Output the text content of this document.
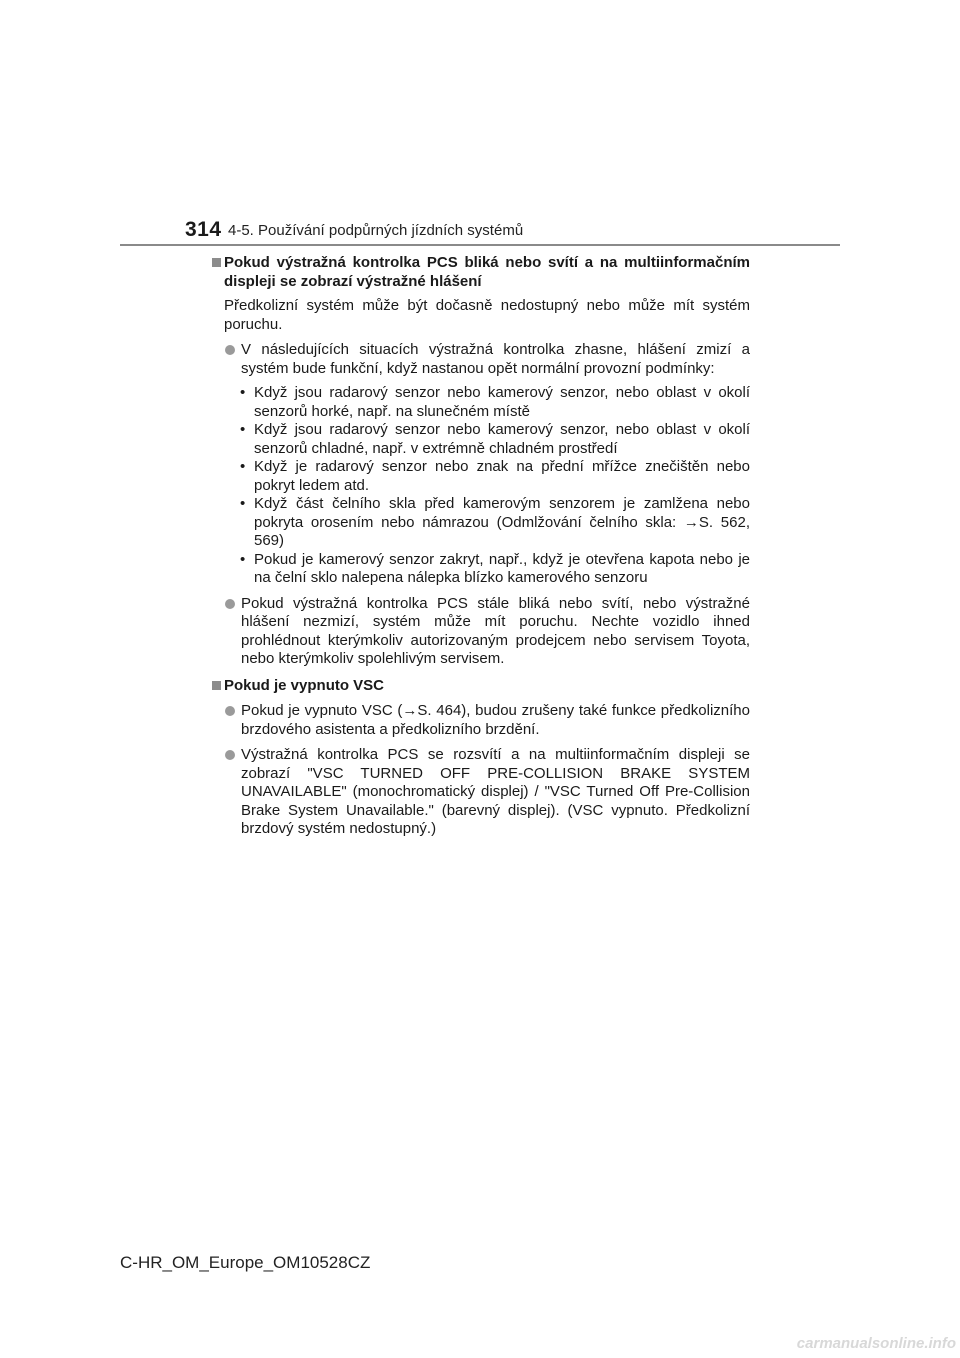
314 4-5. Používání podpůrných jízdních systémů
Pokud výstražná kontrolka PCS bliká nebo svítí a na multiinformačním displeji se zobrazí výstražné hlášení
Předkolizní systém může být dočasně nedostupný nebo může mít systém poruchu.
V následujících situacích výstražná kontrolka zhasne, hlášení zmizí a systém bude funkční, když nastanou opět normální provozní podmínky:
• Když jsou radarový senzor nebo kamerový senzor, nebo oblast v okolí senzorů horké, např. na slunečném místě
• Když jsou radarový senzor nebo kamerový senzor, nebo oblast v okolí senzorů chladné, např. v extrémně chladném prostředí
• Když je radarový senzor nebo znak na přední mřížce znečištěn nebo pokryt ledem atd.
• Když část čelního skla před kamerovým senzorem je zamlžena nebo pokryta orosením nebo námrazou (Odmlžování čelního skla: →S. 562, 569)
• Pokud je kamerový senzor zakryt, např., když je otevřena kapota nebo je na čelní sklo nalepena nálepka blízko kamerového senzoru
Pokud výstražná kontrolka PCS stále bliká nebo svítí, nebo výstražné hlášení nezmizí, systém může mít poruchu. Nechte vozidlo ihned prohlédnout kterýmkoliv autorizovaným prodejcem nebo servisem Toyota, nebo kterýmkoliv spolehlivým servisem.
Pokud je vypnuto VSC
Pokud je vypnuto VSC (→S. 464), budou zrušeny také funkce předkolizního brzdového asistenta a předkolizního brzdění.
Výstražná kontrolka PCS se rozsvítí a na multiinformačním displeji se zobrazí "VSC TURNED OFF PRE-COLLISION BRAKE SYSTEM UNAVAILABLE" (monochromatický displej) / "VSC Turned Off Pre-Collision Brake System Unavailable." (barevný displej). (VSC vypnuto. Předkolizní brzdový systém nedostupný.)
C-HR_OM_Europe_OM10528CZ
carmanualsonline.info
